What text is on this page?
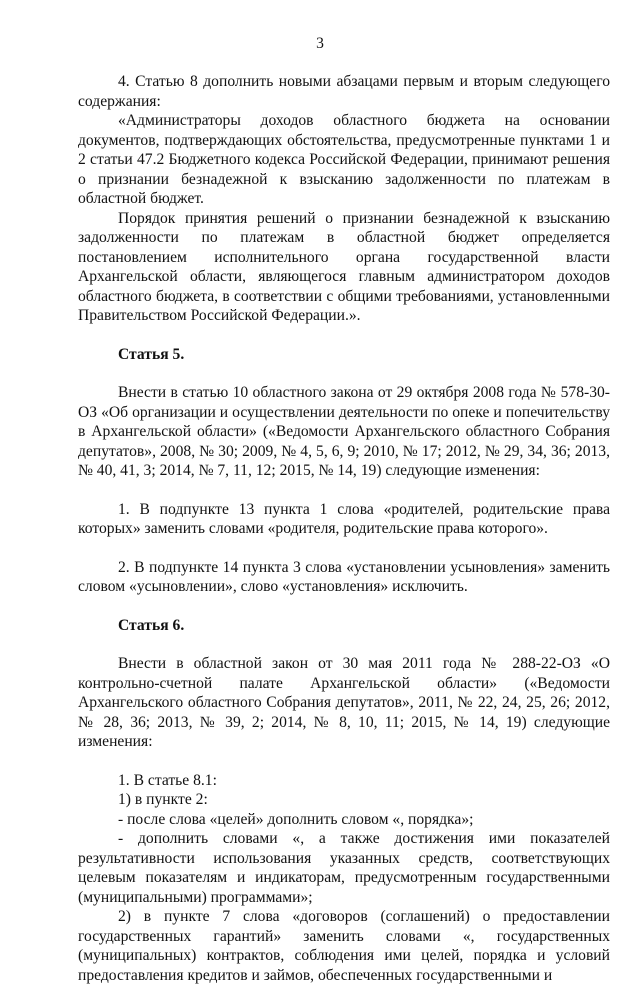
3

4. Статью 8 дополнить новыми абзацами первым и вторым следующего содержания:

«Администраторы доходов областного бюджета на основании документов, подтверждающих обстоятельства, предусмотренные пунктами 1 и 2 статьи 47.2 Бюджетного кодекса Российской Федерации, принимают решения о признании безнадежной к взысканию задолженности по платежам в областной бюджет.

Порядок принятия решений о признании безнадежной к взысканию задолженности по платежам в областной бюджет определяется постановлением исполнительного органа государственной власти Архангельской области, являющегося главным администратором доходов областного бюджета, в соответствии с общими требованиями, установленными Правительством Российской Федерации.».

Статья 5.

Внести в статью 10 областного закона от 29 октября 2008 года № 578-30-ОЗ «Об организации и осуществлении деятельности по опеке и попечительству в Архангельской области» («Ведомости Архангельского областного Собрания депутатов», 2008, № 30; 2009, № 4, 5, 6, 9; 2010, № 17; 2012, № 29, 34, 36; 2013, № 40, 41, 3; 2014, № 7, 11, 12; 2015, № 14, 19) следующие изменения:

1. В подпункте 13 пункта 1 слова «родителей, родительские права которых» заменить словами «родителя, родительские права которого».

2. В подпункте 14 пункта 3 слова «установлении усыновления» заменить словом «усыновлении», слово «установления» исключить.

Статья 6.

Внести в областной закон от 30 мая 2011 года № 288-22-ОЗ «О контрольно-счетной палате Архангельской области» («Ведомости Архангельского областного Собрания депутатов», 2011, № 22, 24, 25, 26; 2012, № 28, 36; 2013, № 39, 2; 2014, № 8, 10, 11; 2015, № 14, 19) следующие изменения:

1. В статье 8.1:

1) в пункте 2:

- после слова «целей» дополнить словом «, порядка»;

- дополнить словами «, а также достижения ими показателей результативности использования указанных средств, соответствующих целевым показателям и индикаторам, предусмотренным государственными (муниципальными) программами»;

2) в пункте 7 слова «договоров (соглашений) о предоставлении государственных гарантий» заменить словами «, государственных (муниципальных) контрактов, соблюдения ими целей, порядка и условий предоставления кредитов и займов, обеспеченных государственными и
